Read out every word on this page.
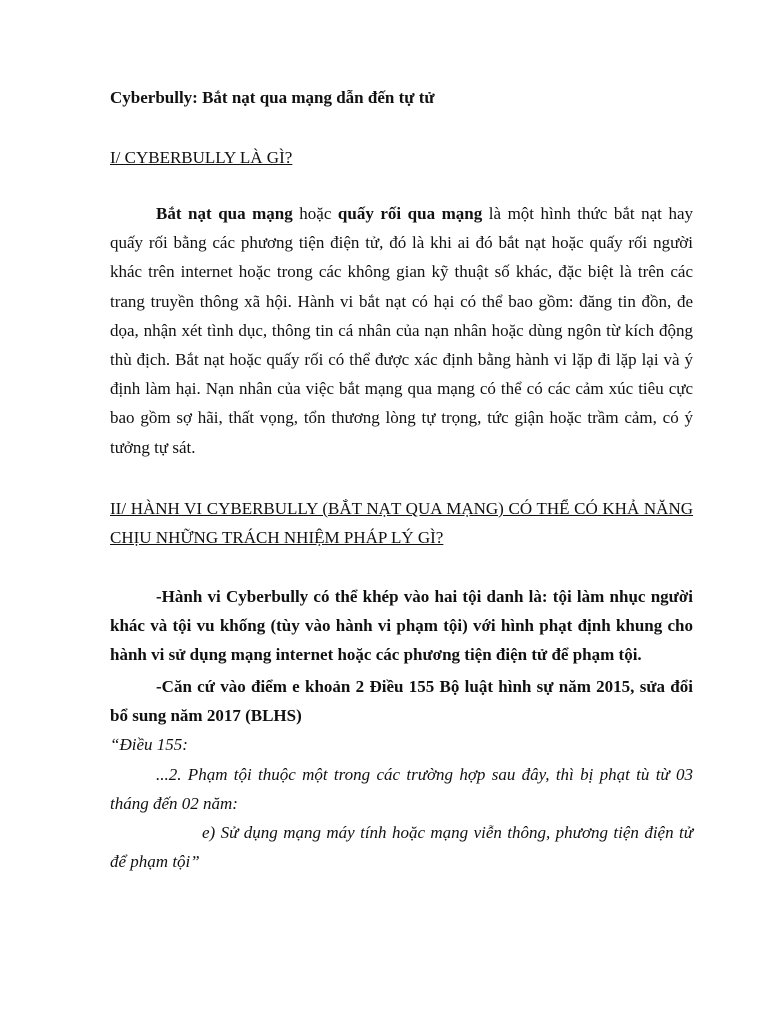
Cyberbully: Bắt nạt qua mạng dẫn đến tự tử

I/ CYBERBULLY LÀ GÌ?

Bắt nạt qua mạng hoặc quấy rối qua mạng là một hình thức bắt nạt hay quấy rối bằng các phương tiện điện tử, đó là khi ai đó bắt nạt hoặc quấy rối người khác trên internet hoặc trong các không gian kỹ thuật số khác, đặc biệt là trên các trang truyền thông xã hội. Hành vi bắt nạt có hại có thể bao gồm: đăng tin đồn, đe dọa, nhận xét tình dục, thông tin cá nhân của nạn nhân hoặc dùng ngôn từ kích động thù địch. Bắt nạt hoặc quấy rối có thể được xác định bằng hành vi lặp đi lặp lại và ý định làm hại. Nạn nhân của việc bắt mạng qua mạng có thể có các cảm xúc tiêu cực bao gồm sợ hãi, thất vọng, tổn thương lòng tự trọng, tức giận hoặc trầm cảm, có ý tưởng tự sát.

II/ HÀNH VI CYBERBULLY (BẮT NẠT QUA MẠNG) CÓ THỂ CÓ KHẢ NĂNG CHỊU NHỮNG TRÁCH NHIỆM PHÁP LÝ GÌ?

-Hành vi Cyberbully có thể khép vào hai tội danh là: tội làm nhục người khác và tội vu khống (tùy vào hành vi phạm tội) với hình phạt định khung cho hành vi sử dụng mạng internet hoặc các phương tiện điện tử để phạm tội.

-Căn cứ vào điểm e khoản 2 Điều 155 Bộ luật hình sự năm 2015, sửa đổi bổ sung năm 2017 (BLHS)

“Điều 155:

...2. Phạm tội thuộc một trong các trường hợp sau đây, thì bị phạt tù từ 03 tháng đến 02 năm:

e) Sử dụng mạng máy tính hoặc mạng viễn thông, phương tiện điện tử để phạm tội”
